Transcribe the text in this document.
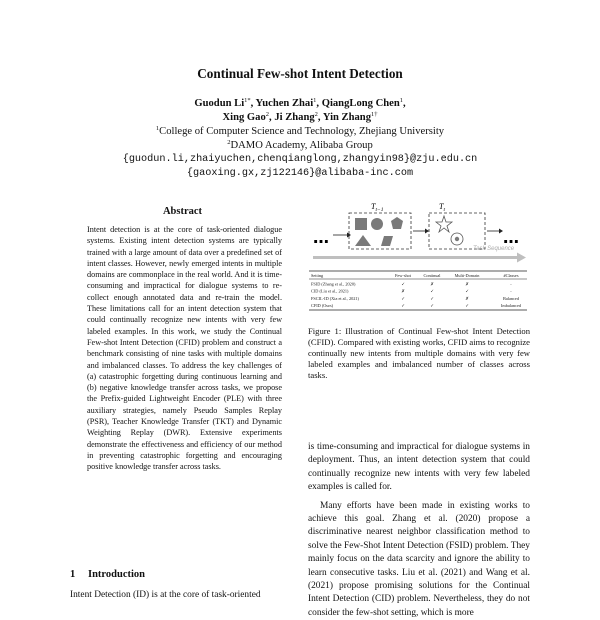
Continual Few-shot Intent Detection
Guodun $Li^{1*}$, Yuchen Zhai$^1$, QiangLong Chen$^1$,
Xing Gao$^2$, Ji Zhang$^2$, Yin Zhang$^{1\dagger}$
$^1$College of Computer Science and Technology, Zhejiang University
$^2$DAMO Academy, Alibaba Group
{guodun.li,zhaiyuchen,chenqianglong,zhangyin98}@zju.edu.cn
{gaoxing.gx,zj122146}@alibaba-inc.com
Abstract
Intent detection is at the core of task-oriented dialogue systems. Existing intent detection systems are typically trained with a large amount of data over a predefined set of intent classes. However, newly emerged intents in multiple domains are commonplace in the real world. And it is time-consuming and impractical for dialogue systems to re-collect enough annotated data and re-train the model. These limitations call for an intent detection system that could continually recognize new intents with very few labeled examples. In this work, we study the Continual Few-shot Intent Detection (CFID) problem and construct a benchmark consisting of nine tasks with multiple domains and imbalanced classes. To address the key challenges of (a) catastrophic forgetting during continuous learning and (b) negative knowledge transfer across tasks, we propose the Prefix-guided Lightweight Encoder (PLE) with three auxiliary strategies, namely Pseudo Samples Replay (PSR), Teacher Knowledge Transfer (TKT) and Dynamic Weighting Replay (DWR). Extensive experiments demonstrate the effectiveness and efficiency of our method in preventing catastrophic forgetting and encouraging positive knowledge transfer across tasks.
1 Introduction
Intent Detection (ID) is at the core of task-oriented
$T_{t-1}$	$T_t$
…	…
Task Sequence
Setting	Few-shot	Continual	Multi-Domain	#Classes
FSID (Zhang et al., 2020)	✓	✗	✗	-
CID (Liu et al., 2021)	✗	✓	✓	-
FSCIL-ID (Xia et al., 2021)	✓	✓	✗	Balanced
CFID (Ours)	✓	✓	✓	Imbalanced
Figure 1: Illustration of Continual Few-shot Intent Detection (CFID). Compared with existing works, CFID aims to recognize continually new intents from multiple domains with very few labeled examples and imbalanced number of classes across tasks.

is time-consuming and impractical for dialogue systems in deployment. Thus, an intent detection system that could continually recognize new intents with very few labeled examples is called for.

Many efforts have been made in existing works to achieve this goal. Zhang et al. (2020) propose a discriminative nearest neighbor classification method to solve the Few-Shot Intent Detection (FSID) problem. They mainly focus on the data scarcity and ignore the ability to learn consecutive tasks. Liu et al. (2021) and Wang et al. (2021) propose promising solutions for the Continual Intent Detection (CID) problem. Nevertheless, they do not consider the few-shot setting, which is more
